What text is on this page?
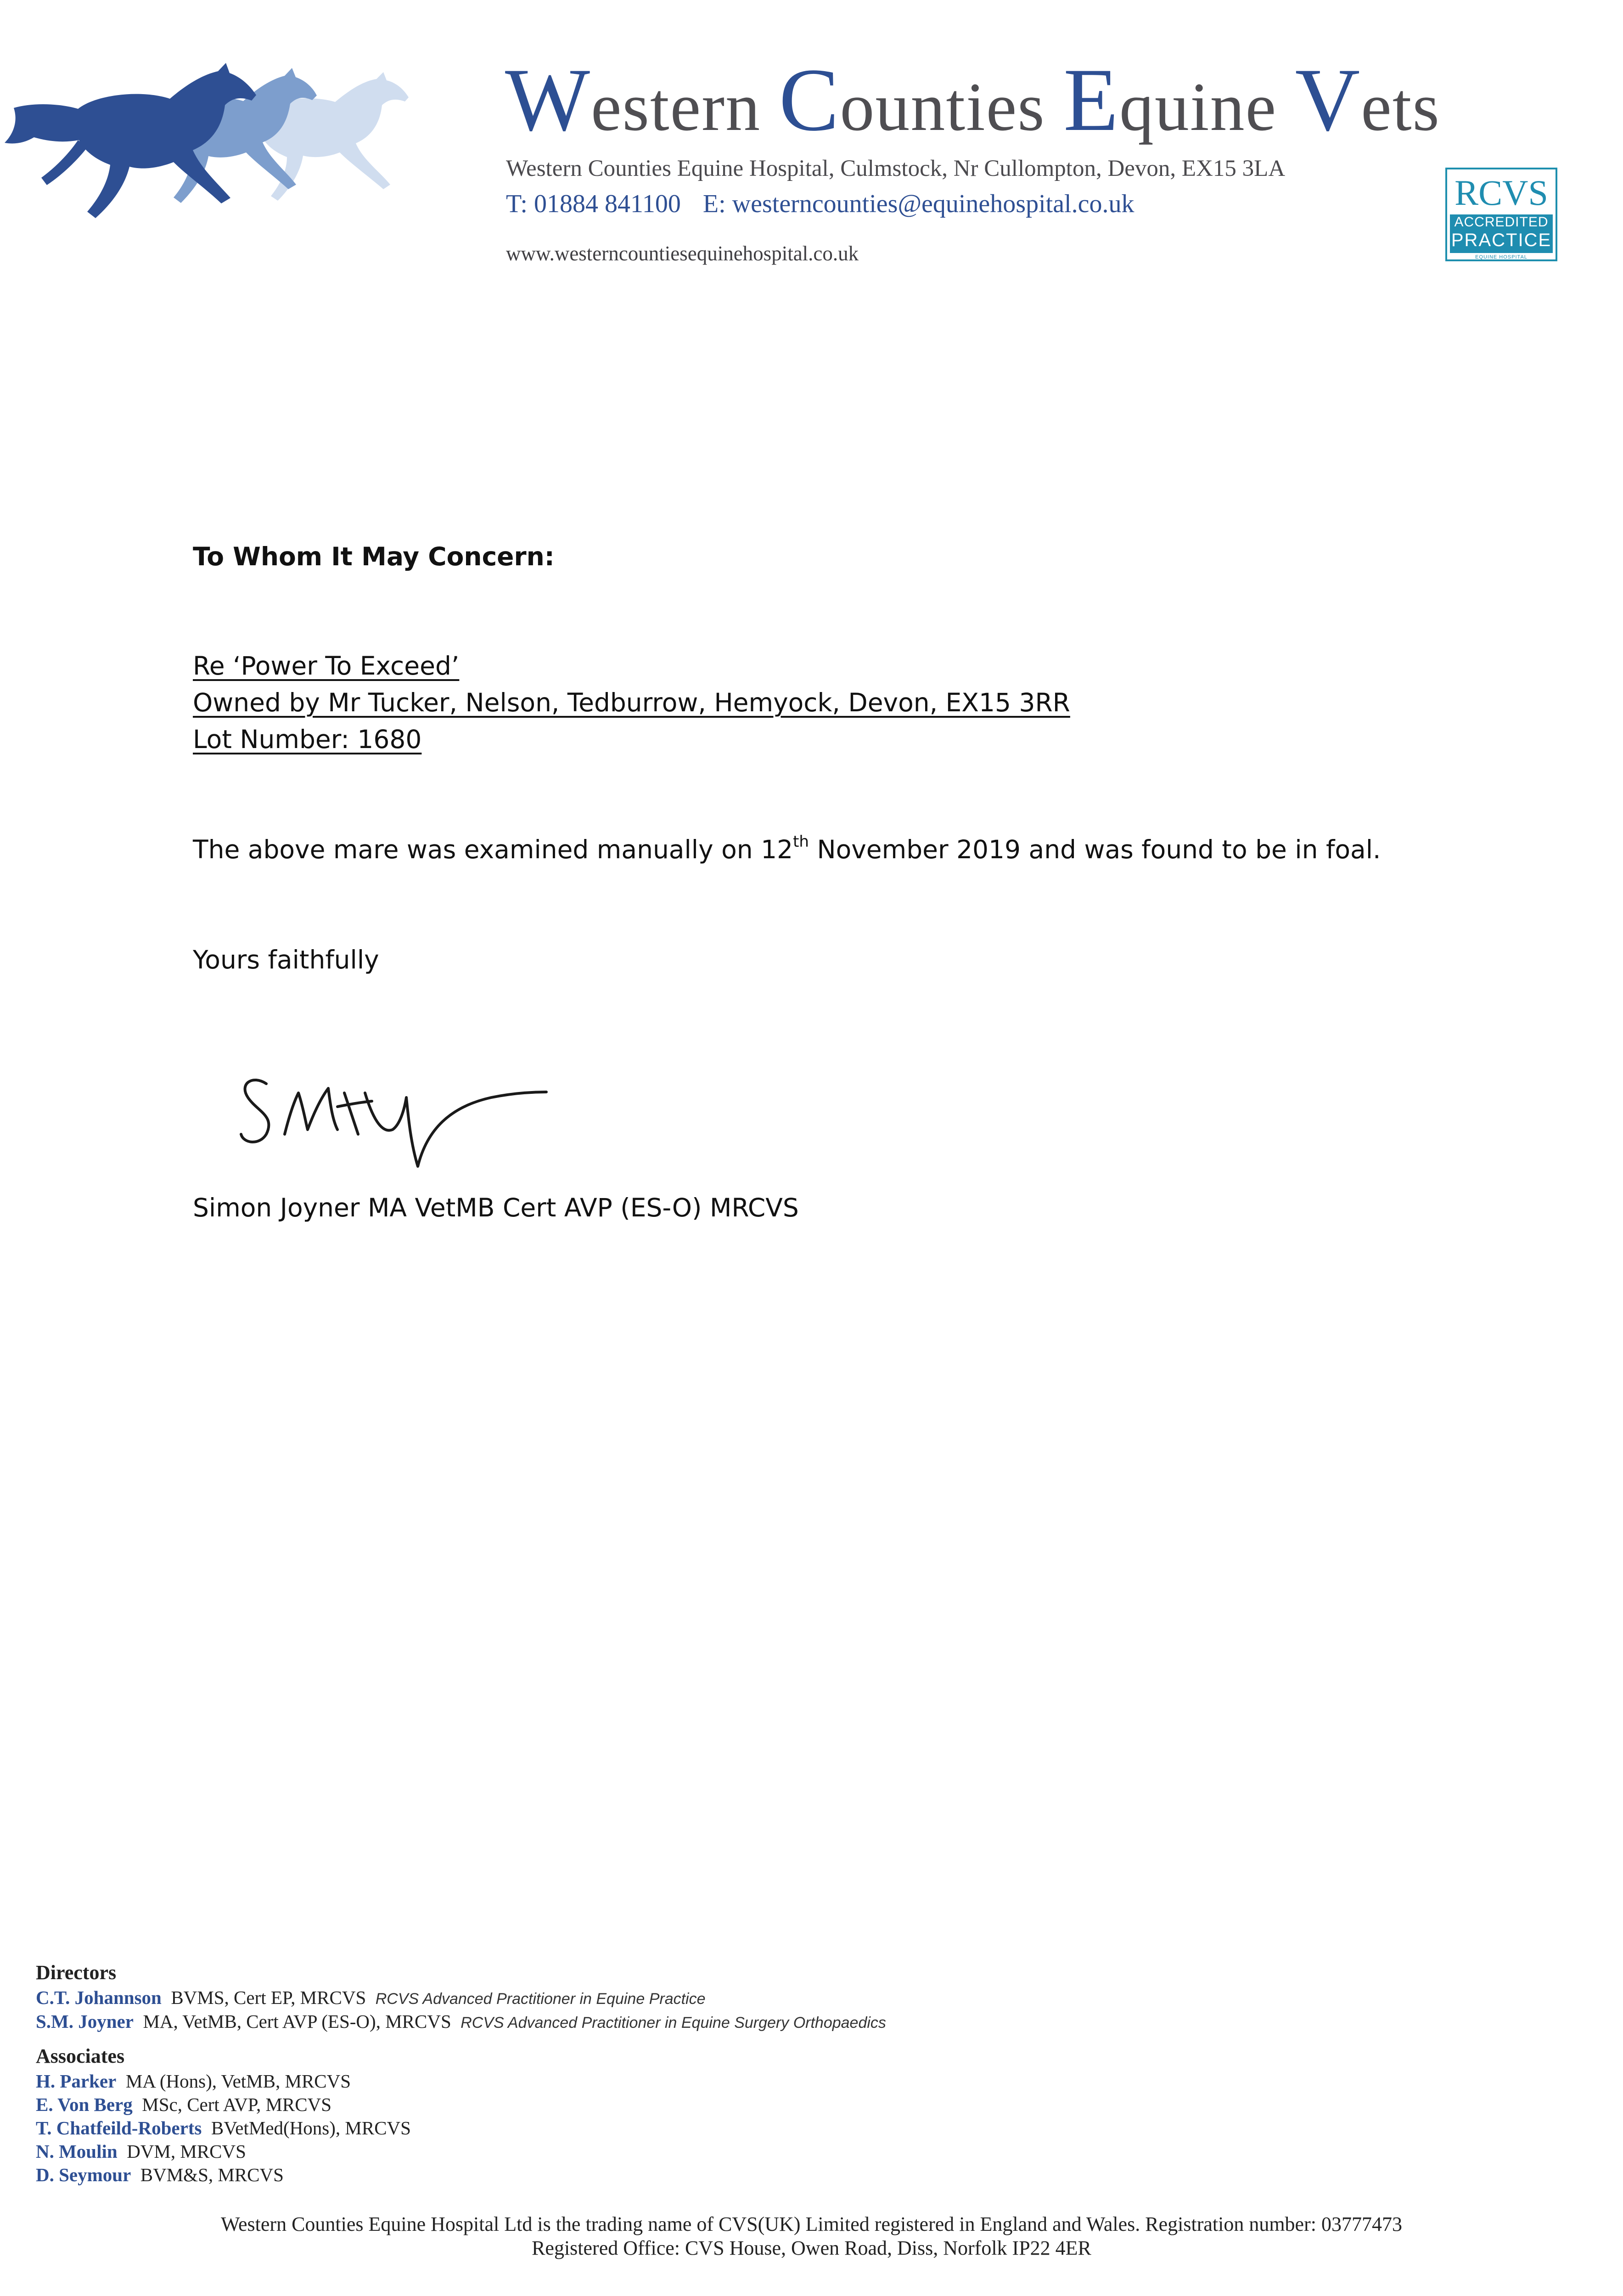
Western Counties Equine Vets
Western Counties Equine Hospital, Culmstock, Nr Cullompton, Devon, EX15 3LA
T: 01884 841100 E: westerncounties@equinehospital.co.uk
www.westerncountiesequinehospital.co.uk
RCVS
ACCREDITED
PRACTICE
EQUINE HOSPITAL
To Whom It May Concern:
Re ‘Power To Exceed’
Owned by Mr Tucker, Nelson, Tedburrow, Hemyock, Devon, EX15 3RR
Lot Number: 1680
The above mare was examined manually on 12th November 2019 and was found to be in foal.
Yours faithfully
Simon Joyner MA VetMB Cert AVP (ES-O) MRCVS
Directors
C.T. Johannson BVMS, Cert EP, MRCVS RCVS Advanced Practitioner in Equine Practice
S.M. Joyner MA, VetMB, Cert AVP (ES-O), MRCVS RCVS Advanced Practitioner in Equine Surgery Orthopaedics
Associates
H. Parker MA (Hons), VetMB, MRCVS
E. Von Berg MSc, Cert AVP, MRCVS
T. Chatfeild-Roberts BVetMed(Hons), MRCVS
N. Moulin DVM, MRCVS
D. Seymour BVM&S, MRCVS
Western Counties Equine Hospital Ltd is the trading name of CVS(UK) Limited registered in England and Wales. Registration number: 03777473
Registered Office: CVS House, Owen Road, Diss, Norfolk IP22 4ER
